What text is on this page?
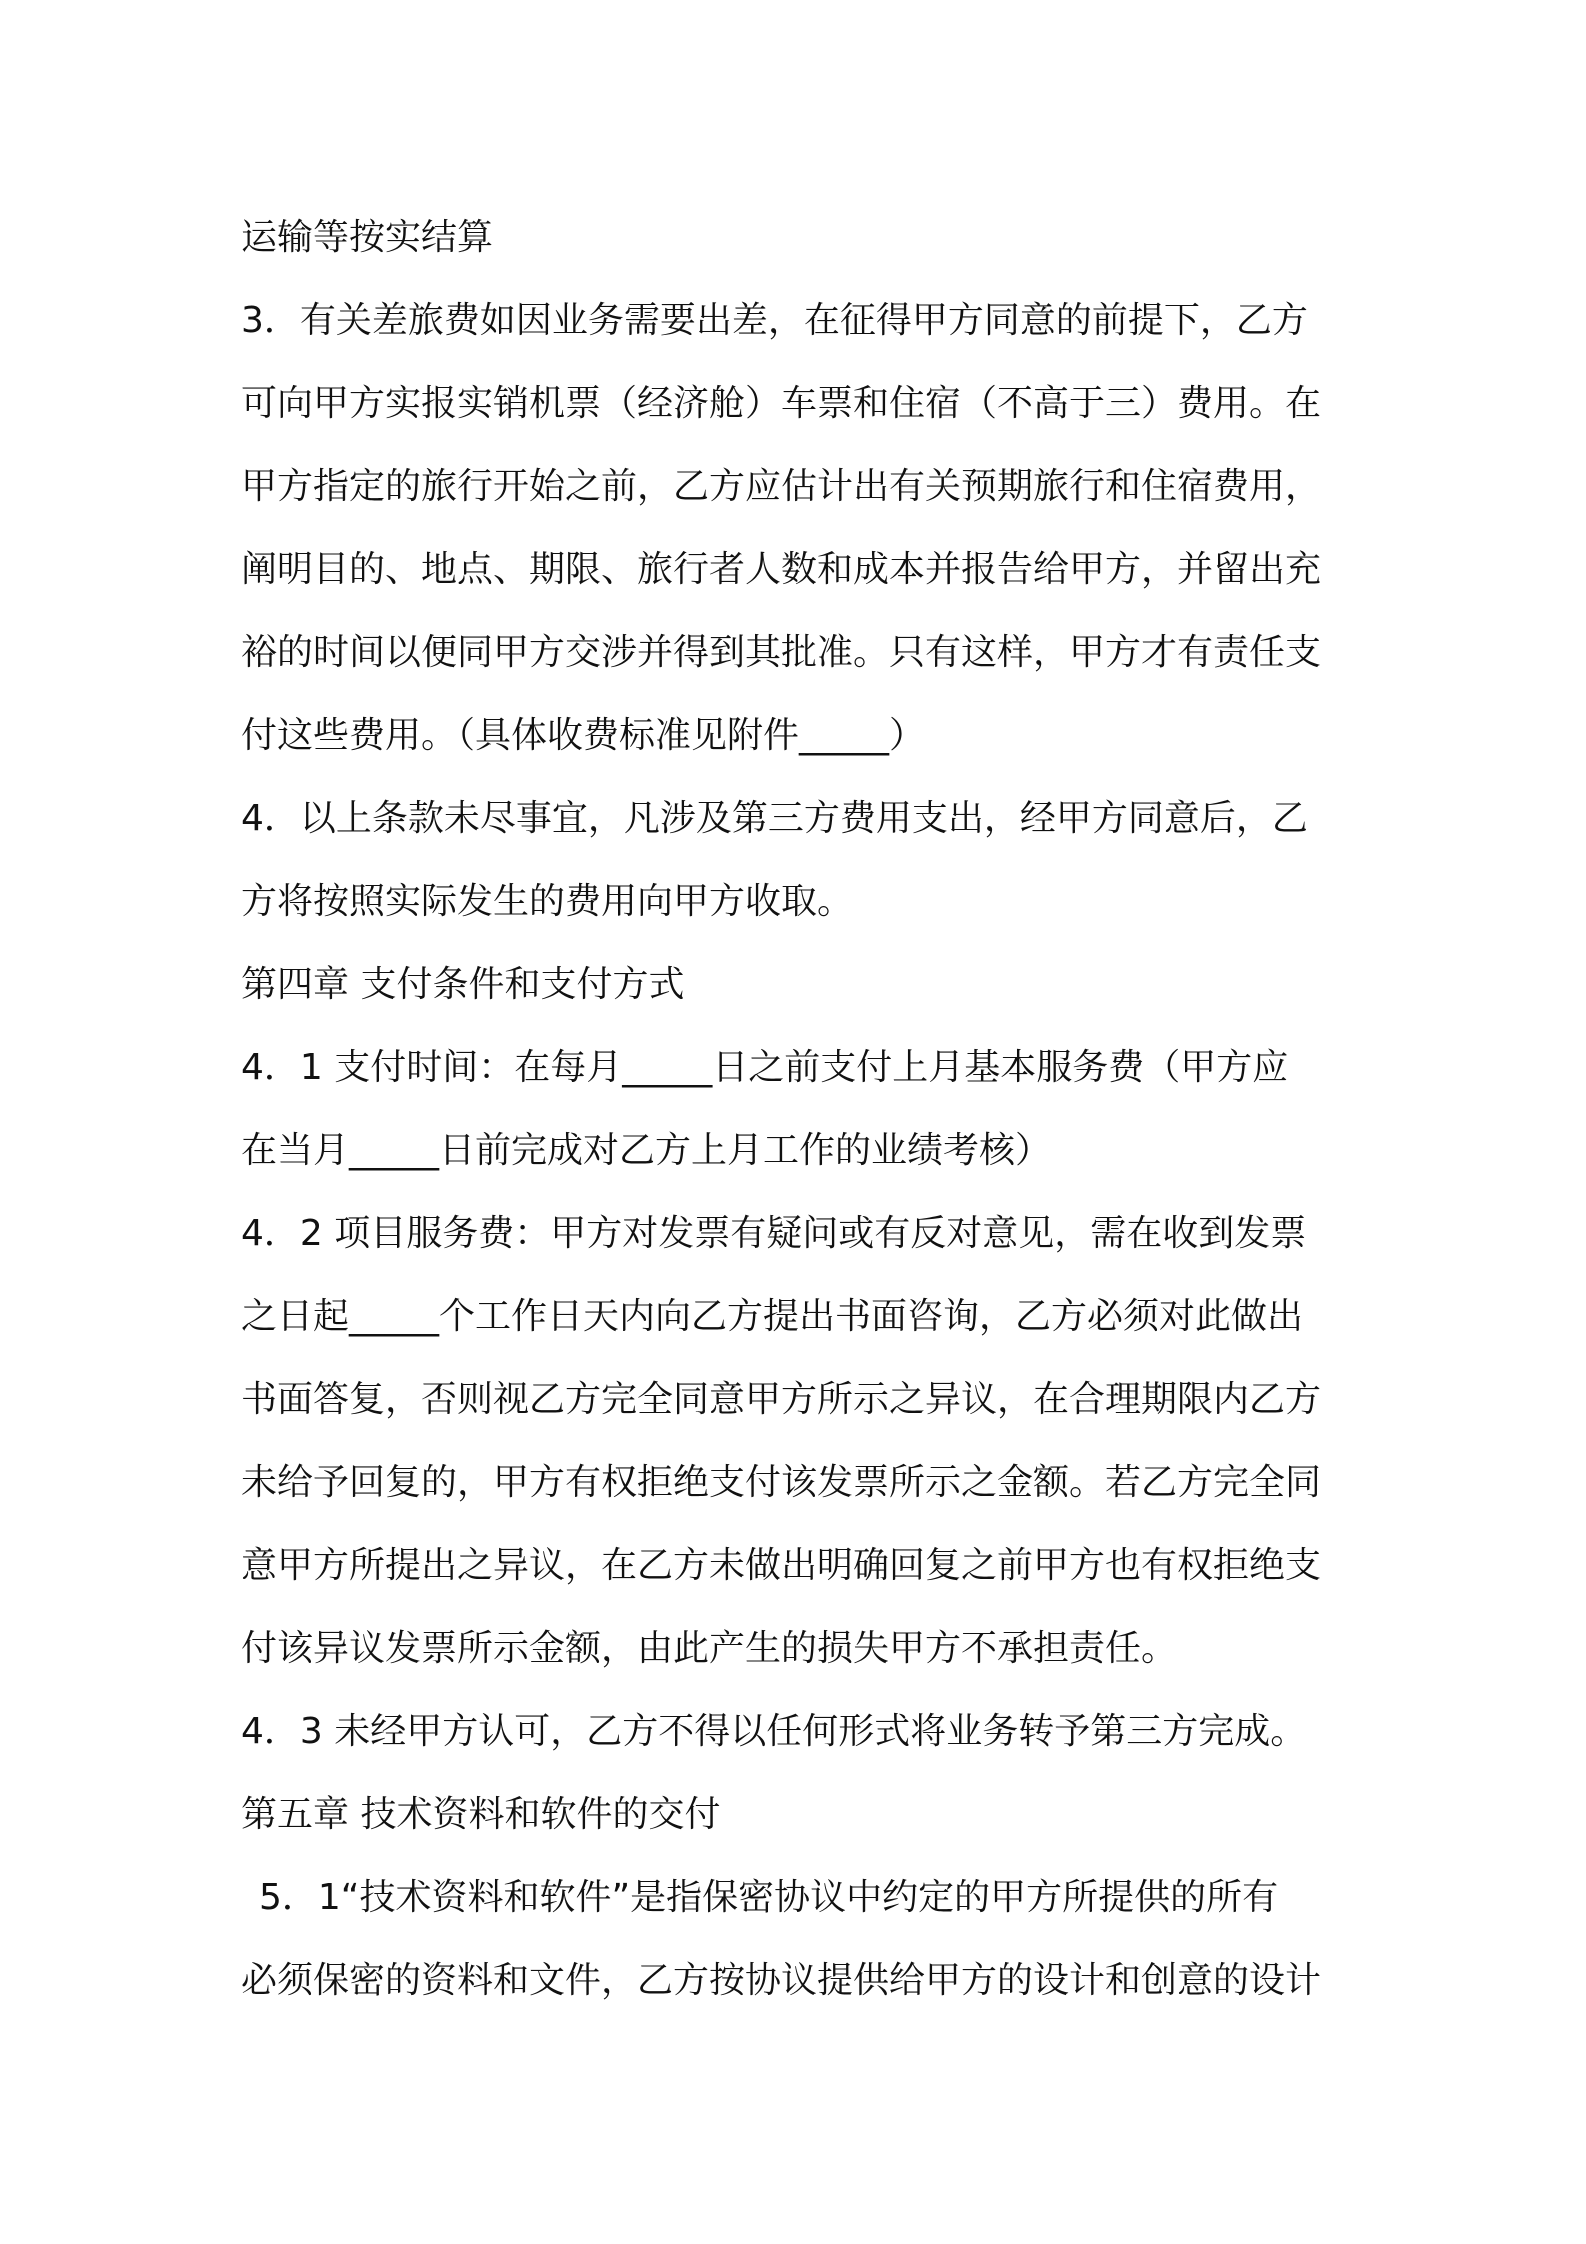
运输等按实结算
3．有关差旅费如因业务需要出差，在征得甲方同意的前提下，乙方
可向甲方实报实销机票（经济舱）车票和住宿（不高于三）费用。在
甲方指定的旅行开始之前，乙方应估计出有关预期旅行和住宿费用，
阐明目的、地点、期限、旅行者人数和成本并报告给甲方，并留出充
裕的时间以便同甲方交涉并得到其批准。只有这样，甲方才有责任支
付这些费用。（具体收费标准见附件_____）
4．以上条款未尽事宜，凡涉及第三方费用支出，经甲方同意后，乙
方将按照实际发生的费用向甲方收取。
第四章 支付条件和支付方式
4．1 支付时间：在每月_____日之前支付上月基本服务费（甲方应
在当月_____日前完成对乙方上月工作的业绩考核）
4．2 项目服务费：甲方对发票有疑问或有反对意见，需在收到发票
之日起_____个工作日天内向乙方提出书面咨询，乙方必须对此做出
书面答复，否则视乙方完全同意甲方所示之异议，在合理期限内乙方
未给予回复的，甲方有权拒绝支付该发票所示之金额。若乙方完全同
意甲方所提出之异议，在乙方未做出明确回复之前甲方也有权拒绝支
付该异议发票所示金额，由此产生的损失甲方不承担责任。
4．3 未经甲方认可，乙方不得以任何形式将业务转予第三方完成。
第五章 技术资料和软件的交付
5．1“技术资料和软件”是指保密协议中约定的甲方所提供的所有
必须保密的资料和文件，乙方按协议提供给甲方的设计和创意的设计
